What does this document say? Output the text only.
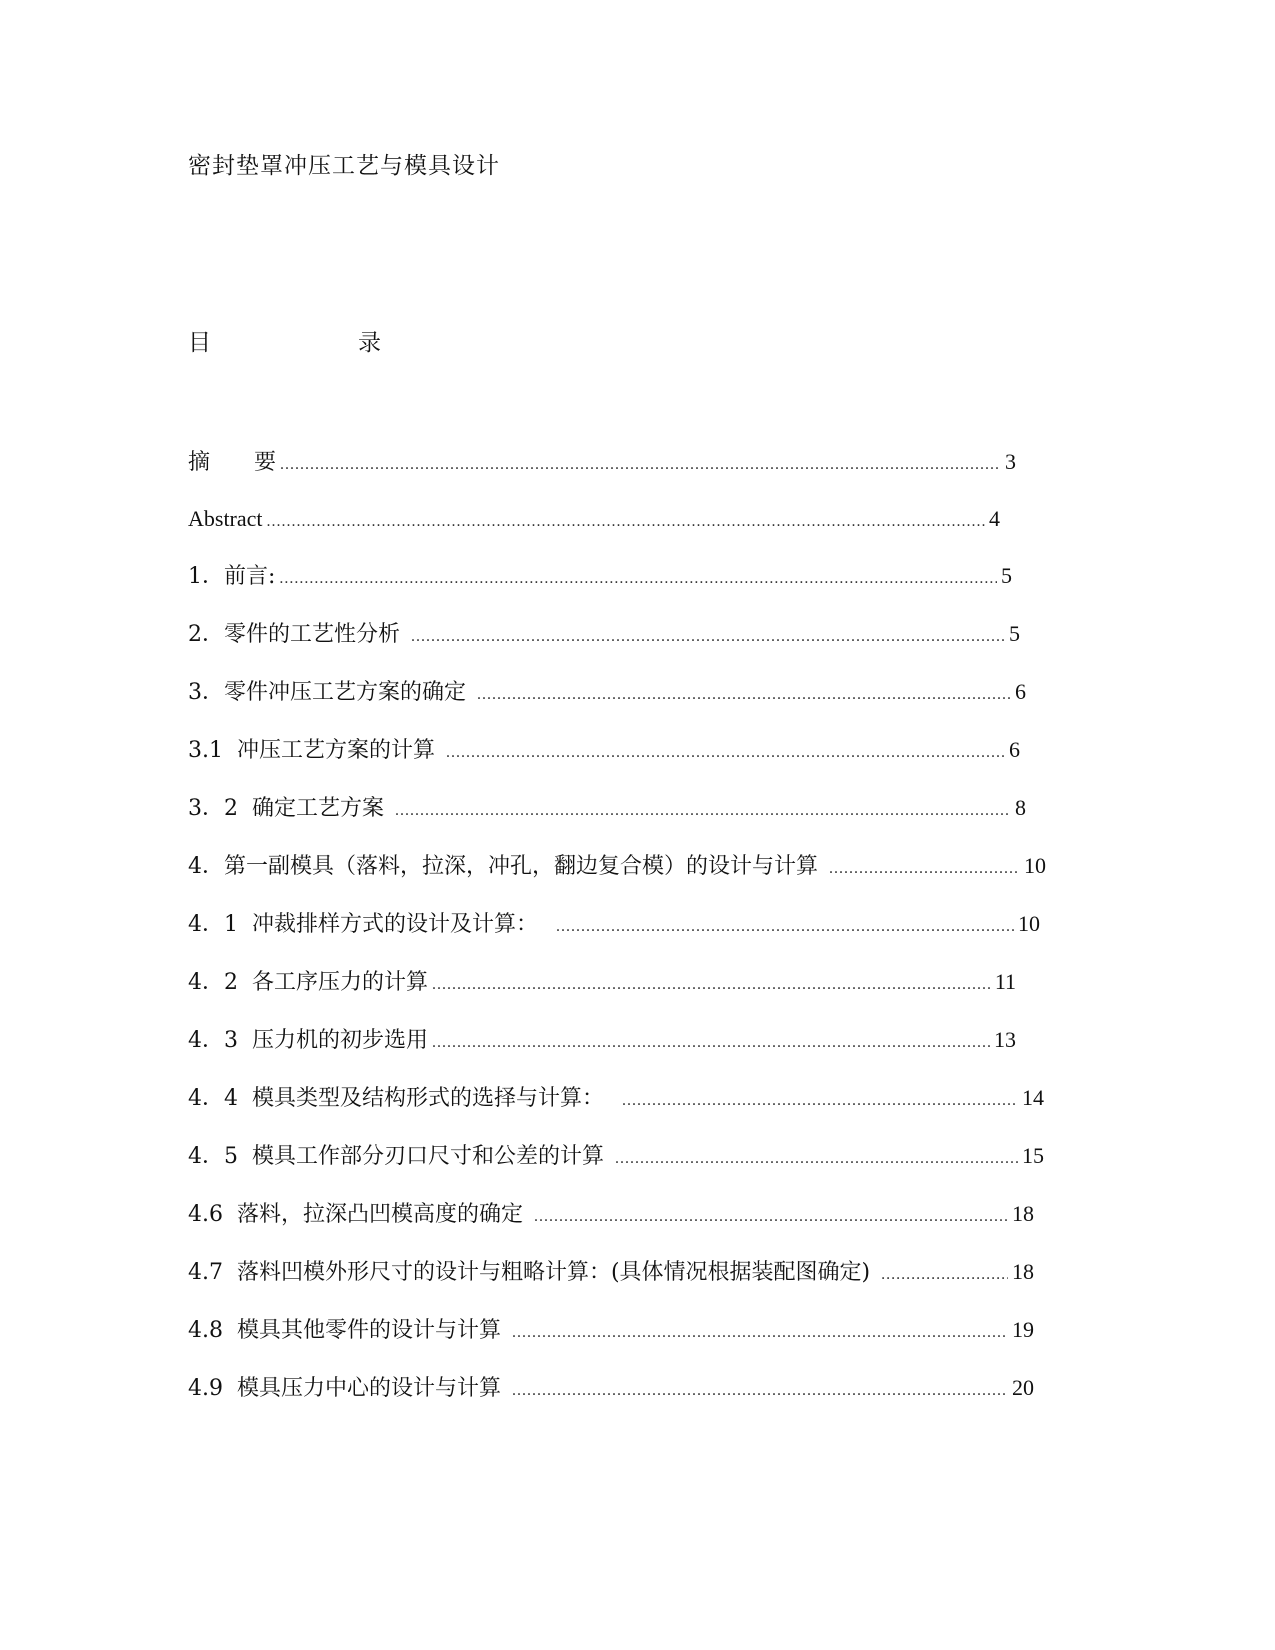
密封垫罩冲压工艺与模具设计
目	录
摘　　要 .....	3
Abstract .....	4
1．前言: .....	5
2．零件的工艺性分析 .....	5
3．零件冲压工艺方案的确定 .....	6
3.1  冲压工艺方案的计算 .....	6
3．2  确定工艺方案 .....	8
4．第一副模具（落料，拉深，冲孔，翻边复合模）的设计与计算 .....	10
4．1  冲裁排样方式的设计及计算： .....	10
4．2  各工序压力的计算 .....	11
4．3  压力机的初步选用 .....	13
4．4  模具类型及结构形式的选择与计算： .....	14
4．5  模具工作部分刃口尺寸和公差的计算 .....	15
4.6  落料，拉深凸凹模高度的确定 .....	18
4.7  落料凹模外形尺寸的设计与粗略计算：(具体情况根据装配图确定) .....	18
4.8  模具其他零件的设计与计算 .....	19
4.9  模具压力中心的设计与计算 .....	20
